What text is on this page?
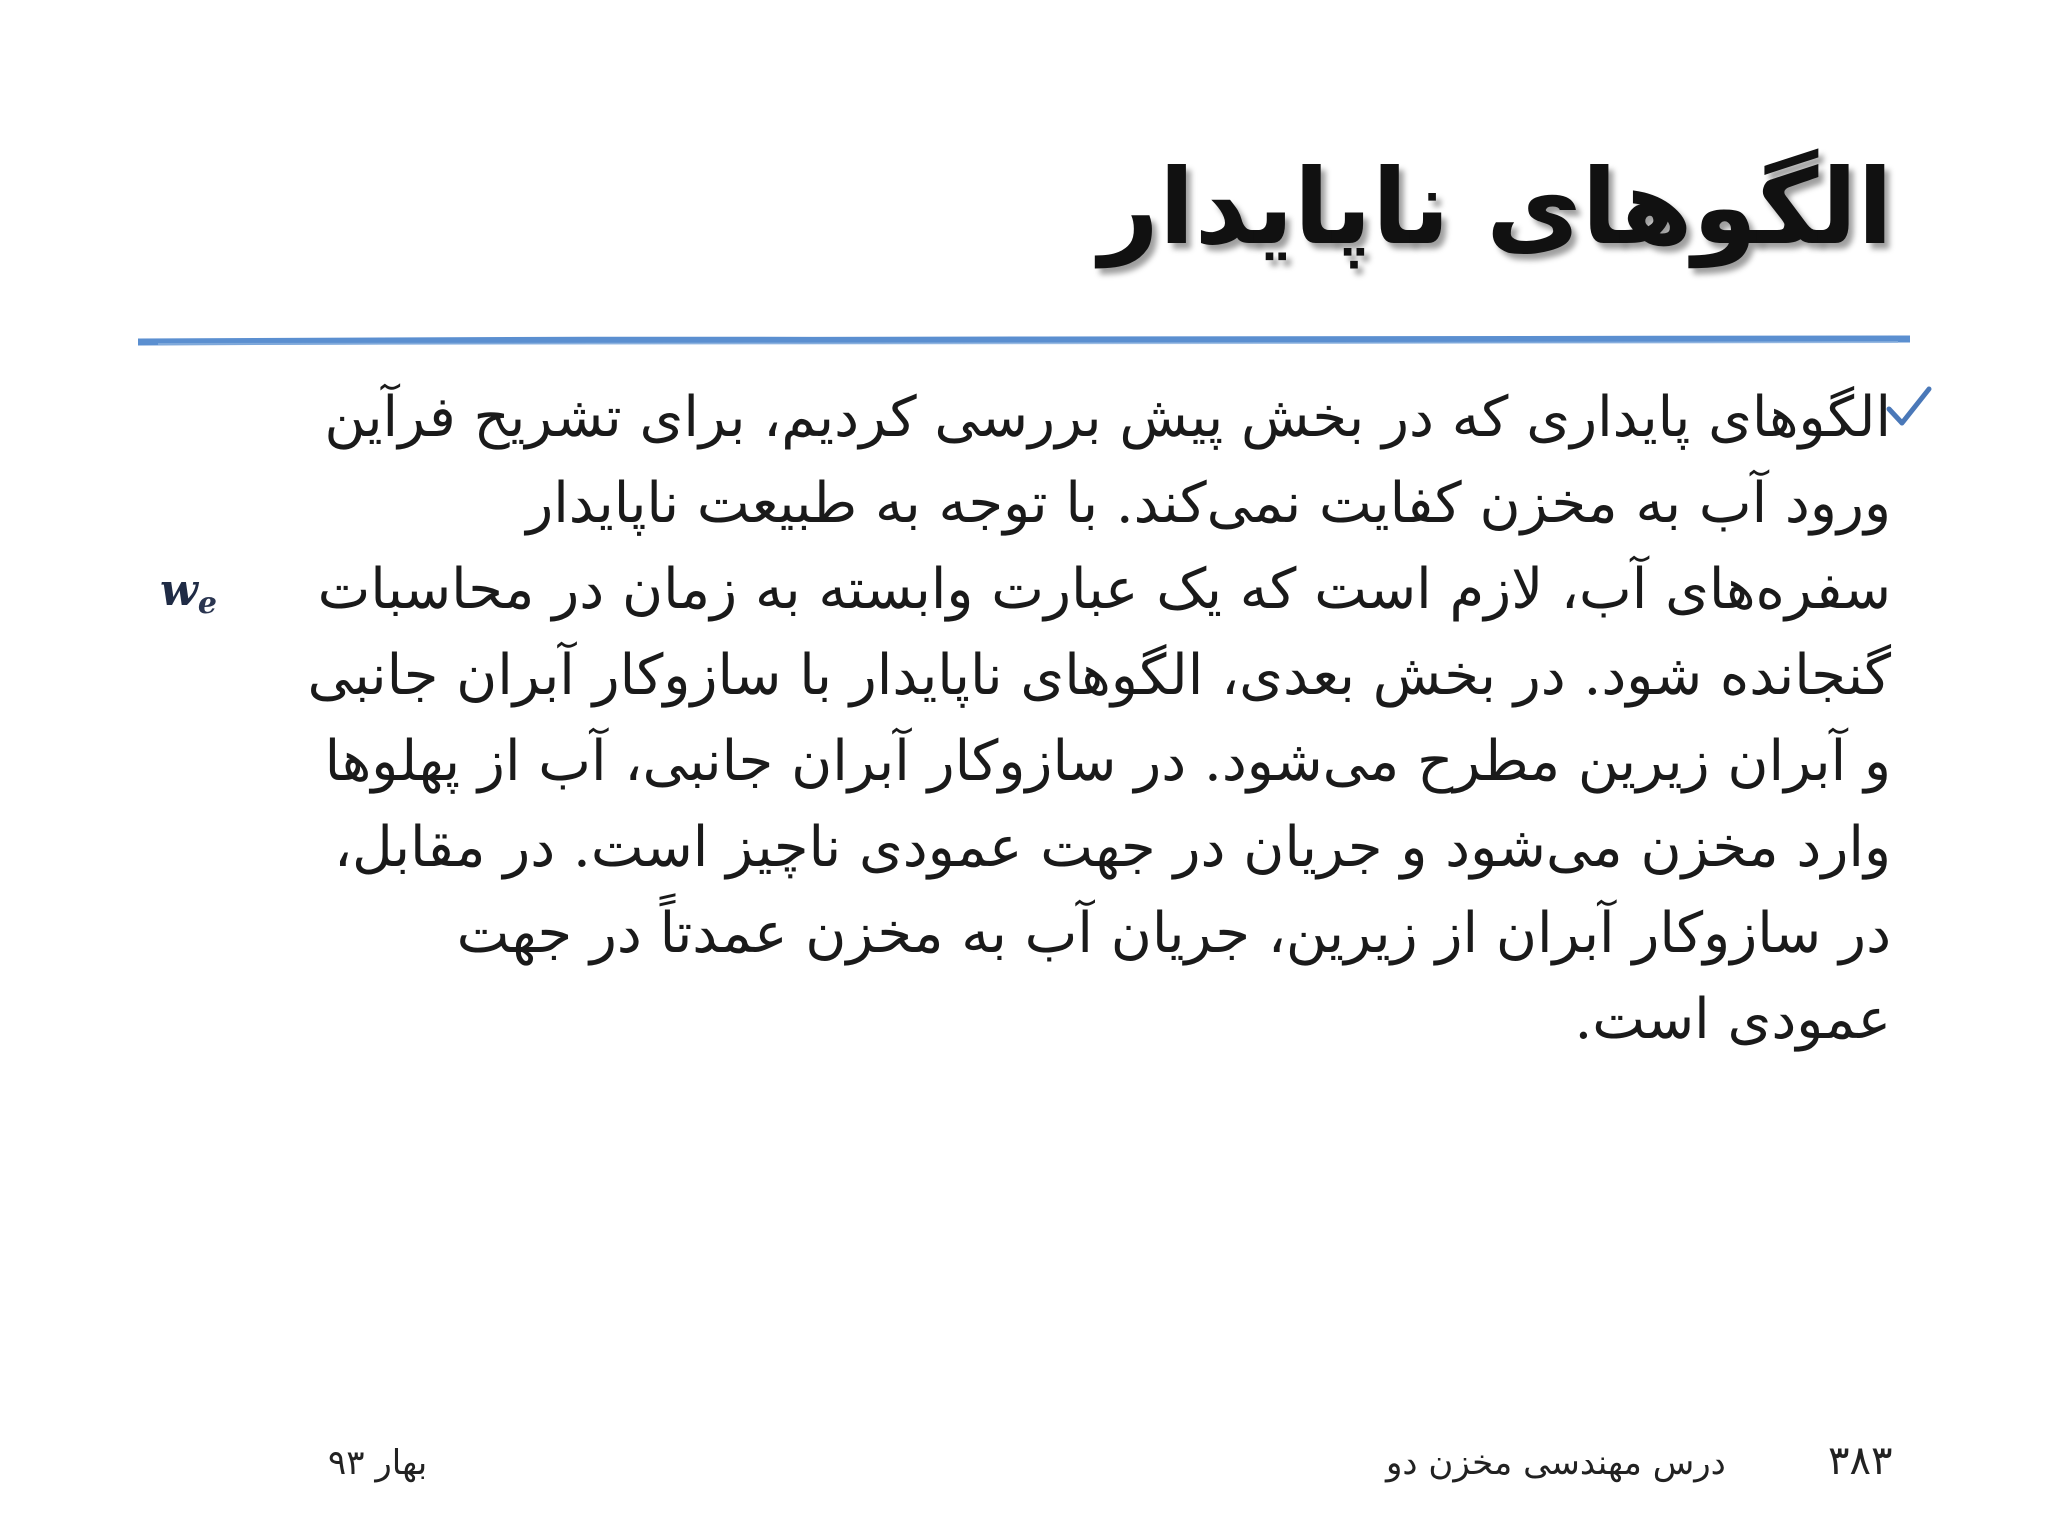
الگوهای ناپایدار
الگوهای پایداری که در بخش پیش بررسی کردیم، برای تشریح فرآین
ورود آب به مخزن کفایت نمی‌کند. با توجه به طبیعت ناپایدار
سفره‌های آب، لازم است که یک عبارت وابسته به زمان در محاسبات
گنجانده شود. در بخش بعدی، الگوهای ناپایدار با سازوکار آبران جانبی
و آبران زیرین مطرح می‌شود. در سازوکار آبران جانبی، آب از پهلوها
وارد مخزن می‌شود و جریان در جهت عمودی ناچیز است. در مقابل،
در سازوکار آبران از زیرین، جریان آب به مخزن عمدتاً در جهت
عمودی است.
$w_e$
بهار ۹۳	درس مهندسی مخزن دو	۳۸۳
